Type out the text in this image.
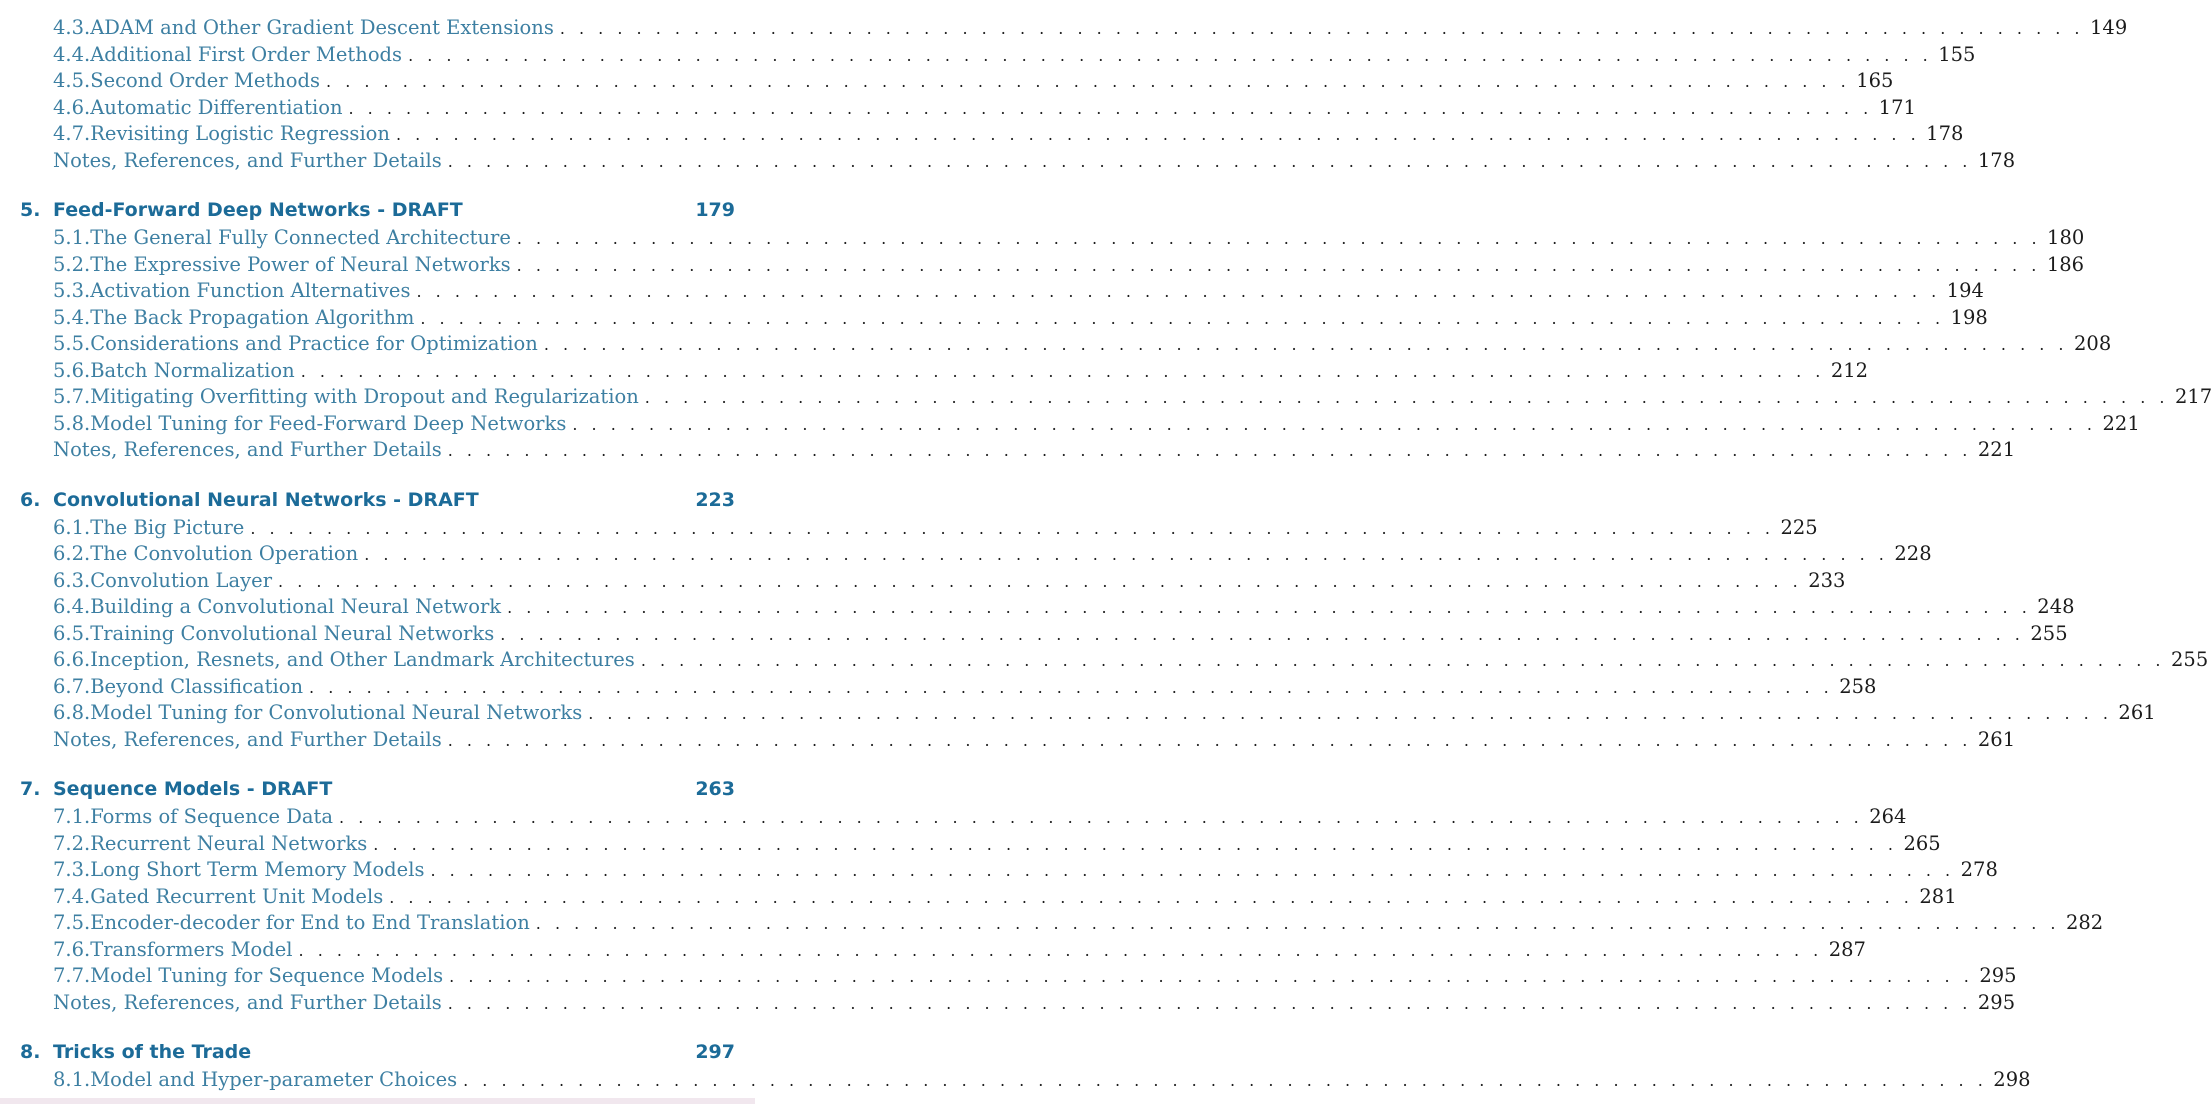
4.3. ADAM and Other Gradient Descent Extensions . . . . . . . . . . . . . . . . . . . . . . . . . . . . . . . . . . . . . . . . . . . . . . . . . . . . . . . . . . . . . . . . . . . . . . . . . . . . . . . . 149
4.4. Additional First Order Methods . . . . . . . . . . . . . . . . . . . . . . . . . . . . . . . . . . . . . . . . . . . . . . . . . . . . . . . . . . . . . . . . . . . . . . . . . . . . . . . . 155
4.5. Second Order Methods . . . . . . . . . . . . . . . . . . . . . . . . . . . . . . . . . . . . . . . . . . . . . . . . . . . . . . . . . . . . . . . . . . . . . . . . . . . . . . . . 165
4.6. Automatic Differentiation . . . . . . . . . . . . . . . . . . . . . . . . . . . . . . . . . . . . . . . . . . . . . . . . . . . . . . . . . . . . . . . . . . . . . . . . . . . . . . . . 171
4.7. Revisiting Logistic Regression . . . . . . . . . . . . . . . . . . . . . . . . . . . . . . . . . . . . . . . . . . . . . . . . . . . . . . . . . . . . . . . . . . . . . . . . . . . . . . . . 178
Notes, References, and Further Details . . . . . . . . . . . . . . . . . . . . . . . . . . . . . . . . . . . . . . . . . . . . . . . . . . . . . . . . . . . . . . . . . . . . . . . . . . . . . . . . 178
5. Feed-Forward Deep Networks - DRAFT	179
5.1. The General Fully Connected Architecture . . . . . . . . . . . . . . . . . . . . . . . . . . . . . . . . . . . . . . . . . . . . . . . . . . . . . . . . . . . . . . . . . . . . . . . . . . . . . . . . 180
5.2. The Expressive Power of Neural Networks . . . . . . . . . . . . . . . . . . . . . . . . . . . . . . . . . . . . . . . . . . . . . . . . . . . . . . . . . . . . . . . . . . . . . . . . . . . . . . . . 186
5.3. Activation Function Alternatives . . . . . . . . . . . . . . . . . . . . . . . . . . . . . . . . . . . . . . . . . . . . . . . . . . . . . . . . . . . . . . . . . . . . . . . . . . . . . . . . 194
5.4. The Back Propagation Algorithm . . . . . . . . . . . . . . . . . . . . . . . . . . . . . . . . . . . . . . . . . . . . . . . . . . . . . . . . . . . . . . . . . . . . . . . . . . . . . . . . 198
5.5. Considerations and Practice for Optimization . . . . . . . . . . . . . . . . . . . . . . . . . . . . . . . . . . . . . . . . . . . . . . . . . . . . . . . . . . . . . . . . . . . . . . . . . . . . . . . . 208
5.6. Batch Normalization . . . . . . . . . . . . . . . . . . . . . . . . . . . . . . . . . . . . . . . . . . . . . . . . . . . . . . . . . . . . . . . . . . . . . . . . . . . . . . . . 212
5.7. Mitigating Overfitting with Dropout and Regularization . . . . . . . . . . . . . . . . . . . . . . . . . . . . . . . . . . . . . . . . . . . . . . . . . . . . . . . . . . . . . . . . . . . . . . . . . . . . . . . . 217
5.8. Model Tuning for Feed-Forward Deep Networks . . . . . . . . . . . . . . . . . . . . . . . . . . . . . . . . . . . . . . . . . . . . . . . . . . . . . . . . . . . . . . . . . . . . . . . . . . . . . . . . 221
Notes, References, and Further Details . . . . . . . . . . . . . . . . . . . . . . . . . . . . . . . . . . . . . . . . . . . . . . . . . . . . . . . . . . . . . . . . . . . . . . . . . . . . . . . . 221
6. Convolutional Neural Networks - DRAFT	223
6.1. The Big Picture . . . . . . . . . . . . . . . . . . . . . . . . . . . . . . . . . . . . . . . . . . . . . . . . . . . . . . . . . . . . . . . . . . . . . . . . . . . . . . . . 225
6.2. The Convolution Operation . . . . . . . . . . . . . . . . . . . . . . . . . . . . . . . . . . . . . . . . . . . . . . . . . . . . . . . . . . . . . . . . . . . . . . . . . . . . . . . . 228
6.3. Convolution Layer . . . . . . . . . . . . . . . . . . . . . . . . . . . . . . . . . . . . . . . . . . . . . . . . . . . . . . . . . . . . . . . . . . . . . . . . . . . . . . . . 233
6.4. Building a Convolutional Neural Network . . . . . . . . . . . . . . . . . . . . . . . . . . . . . . . . . . . . . . . . . . . . . . . . . . . . . . . . . . . . . . . . . . . . . . . . . . . . . . . . 248
6.5. Training Convolutional Neural Networks . . . . . . . . . . . . . . . . . . . . . . . . . . . . . . . . . . . . . . . . . . . . . . . . . . . . . . . . . . . . . . . . . . . . . . . . . . . . . . . . 255
6.6. Inception, Resnets, and Other Landmark Architectures . . . . . . . . . . . . . . . . . . . . . . . . . . . . . . . . . . . . . . . . . . . . . . . . . . . . . . . . . . . . . . . . . . . . . . . . . . . . . . . . 255
6.7. Beyond Classification . . . . . . . . . . . . . . . . . . . . . . . . . . . . . . . . . . . . . . . . . . . . . . . . . . . . . . . . . . . . . . . . . . . . . . . . . . . . . . . . 258
6.8. Model Tuning for Convolutional Neural Networks . . . . . . . . . . . . . . . . . . . . . . . . . . . . . . . . . . . . . . . . . . . . . . . . . . . . . . . . . . . . . . . . . . . . . . . . . . . . . . . . 261
Notes, References, and Further Details . . . . . . . . . . . . . . . . . . . . . . . . . . . . . . . . . . . . . . . . . . . . . . . . . . . . . . . . . . . . . . . . . . . . . . . . . . . . . . . . 261
7. Sequence Models - DRAFT	263
7.1. Forms of Sequence Data . . . . . . . . . . . . . . . . . . . . . . . . . . . . . . . . . . . . . . . . . . . . . . . . . . . . . . . . . . . . . . . . . . . . . . . . . . . . . . . . 264
7.2. Recurrent Neural Networks . . . . . . . . . . . . . . . . . . . . . . . . . . . . . . . . . . . . . . . . . . . . . . . . . . . . . . . . . . . . . . . . . . . . . . . . . . . . . . . . 265
7.3. Long Short Term Memory Models . . . . . . . . . . . . . . . . . . . . . . . . . . . . . . . . . . . . . . . . . . . . . . . . . . . . . . . . . . . . . . . . . . . . . . . . . . . . . . . . 278
7.4. Gated Recurrent Unit Models . . . . . . . . . . . . . . . . . . . . . . . . . . . . . . . . . . . . . . . . . . . . . . . . . . . . . . . . . . . . . . . . . . . . . . . . . . . . . . . . 281
7.5. Encoder-decoder for End to End Translation . . . . . . . . . . . . . . . . . . . . . . . . . . . . . . . . . . . . . . . . . . . . . . . . . . . . . . . . . . . . . . . . . . . . . . . . . . . . . . . . 282
7.6. Transformers Model . . . . . . . . . . . . . . . . . . . . . . . . . . . . . . . . . . . . . . . . . . . . . . . . . . . . . . . . . . . . . . . . . . . . . . . . . . . . . . . . 287
7.7. Model Tuning for Sequence Models . . . . . . . . . . . . . . . . . . . . . . . . . . . . . . . . . . . . . . . . . . . . . . . . . . . . . . . . . . . . . . . . . . . . . . . . . . . . . . . . 295
Notes, References, and Further Details . . . . . . . . . . . . . . . . . . . . . . . . . . . . . . . . . . . . . . . . . . . . . . . . . . . . . . . . . . . . . . . . . . . . . . . . . . . . . . . . 295
8. Tricks of the Trade	297
8.1. Model and Hyper-parameter Choices . . . . . . . . . . . . . . . . . . . . . . . . . . . . . . . . . . . . . . . . . . . . . . . . . . . . . . . . . . . . . . . . . . . . . . . . . . . . . . . . 298
